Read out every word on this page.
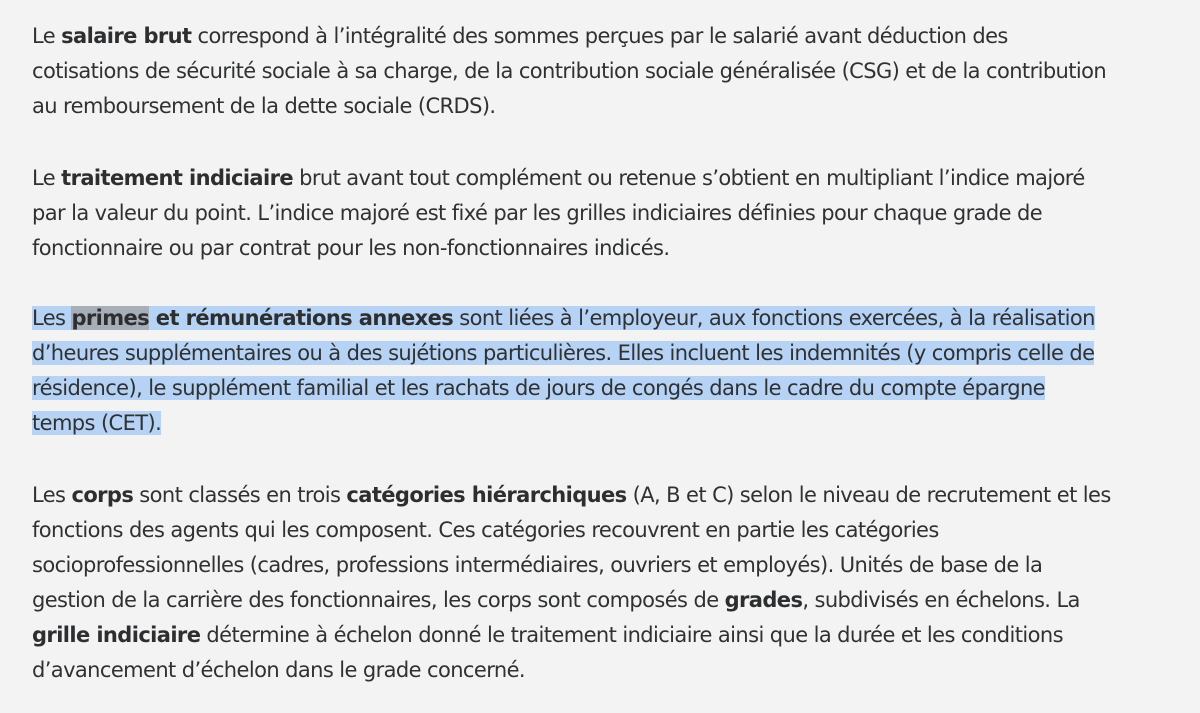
Le salaire brut correspond à l’intégralité des sommes perçues par le salarié avant déduction des
cotisations de sécurité sociale à sa charge, de la contribution sociale généralisée (CSG) et de la contribution
au remboursement de la dette sociale (CRDS).

Le traitement indiciaire brut avant tout complément ou retenue s’obtient en multipliant l’indice majoré
par la valeur du point. L’indice majoré est fixé par les grilles indiciaires définies pour chaque grade de
fonctionnaire ou par contrat pour les non-fonctionnaires indicés.

Les primes et rémunérations annexes sont liées à l’employeur, aux fonctions exercées, à la réalisation
d’heures supplémentaires ou à des sujétions particulières. Elles incluent les indemnités (y compris celle de
résidence), le supplément familial et les rachats de jours de congés dans le cadre du compte épargne
temps (CET).

Les corps sont classés en trois catégories hiérarchiques (A, B et C) selon le niveau de recrutement et les
fonctions des agents qui les composent. Ces catégories recouvrent en partie les catégories
socioprofessionnelles (cadres, professions intermédiaires, ouvriers et employés). Unités de base de la
gestion de la carrière des fonctionnaires, les corps sont composés de grades, subdivisés en échelons. La
grille indiciaire détermine à échelon donné le traitement indiciaire ainsi que la durée et les conditions
d’avancement d’échelon dans le grade concerné.
